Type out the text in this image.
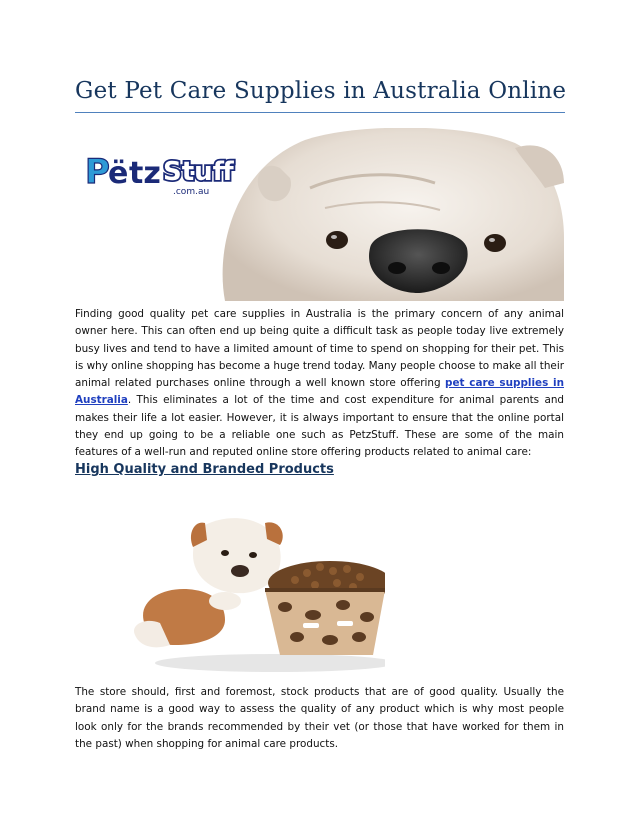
Get Pet Care Supplies in Australia Online
P
ë tz Stuff
.com.au
Finding good quality pet care supplies in Australia is the primary concern of any animal owner here. This can often end up being quite a difficult task as people today live extremely busy lives and tend to have a limited amount of time to spend on shopping for their pet. This is why online shopping has become a huge trend today. Many people choose to make all their animal related purchases online through a well known store offering pet care supplies in Australia. This eliminates a lot of the time and cost expenditure for animal parents and makes their life a lot easier. However, it is always important to ensure that the online portal they end up going to be a reliable one such as PetzStuff. These are some of the main features of a well-run and reputed online store offering products related to animal care:
High Quality and Branded Products
The store should, first and foremost, stock products that are of good quality. Usually the brand name is a good way to assess the quality of any product which is why most people look only for the brands recommended by their vet (or those that have worked for them in the past) when shopping for animal care products.
